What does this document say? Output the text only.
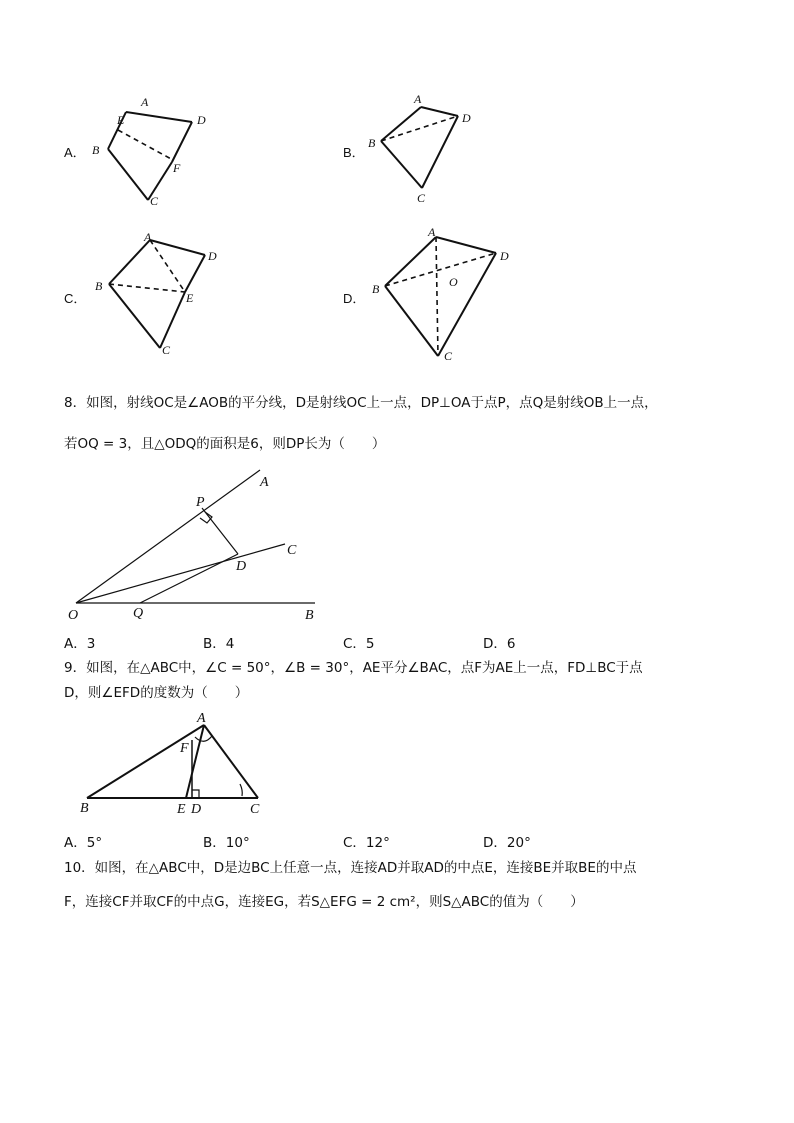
A．
A
B
C
D
E
F
B．
A
B
C
D
C．
A
B
C
D
E	D．
A
B
C
D
O
8．如图，射线OC是∠AOB的平分线，D是射线OC上一点，DP⊥OA于点P，点Q是射线OB上一点，
若OQ = 3，且△ODQ的面积是6，则DP长为（　　）
O	Q	B
P
A
C
D
A．3	B．4	C．5	D．6
9．如图，在△ABC中，∠C = 50°，∠B = 30°，AE平分∠BAC，点F为AE上一点，FD⊥BC于点
D，则∠EFD的度数为（　　）
A
B	C
D
E
F
A．5°	B．10°	C．12°	D．20°
10．如图，在△ABC中，D是边BC上任意一点，连接AD并取AD的中点E，连接BE并取BE的中点
F，连接CF并取CF的中点G，连接EG，若S△EFG = 2 cm²，则S△ABC的值为（　　）
